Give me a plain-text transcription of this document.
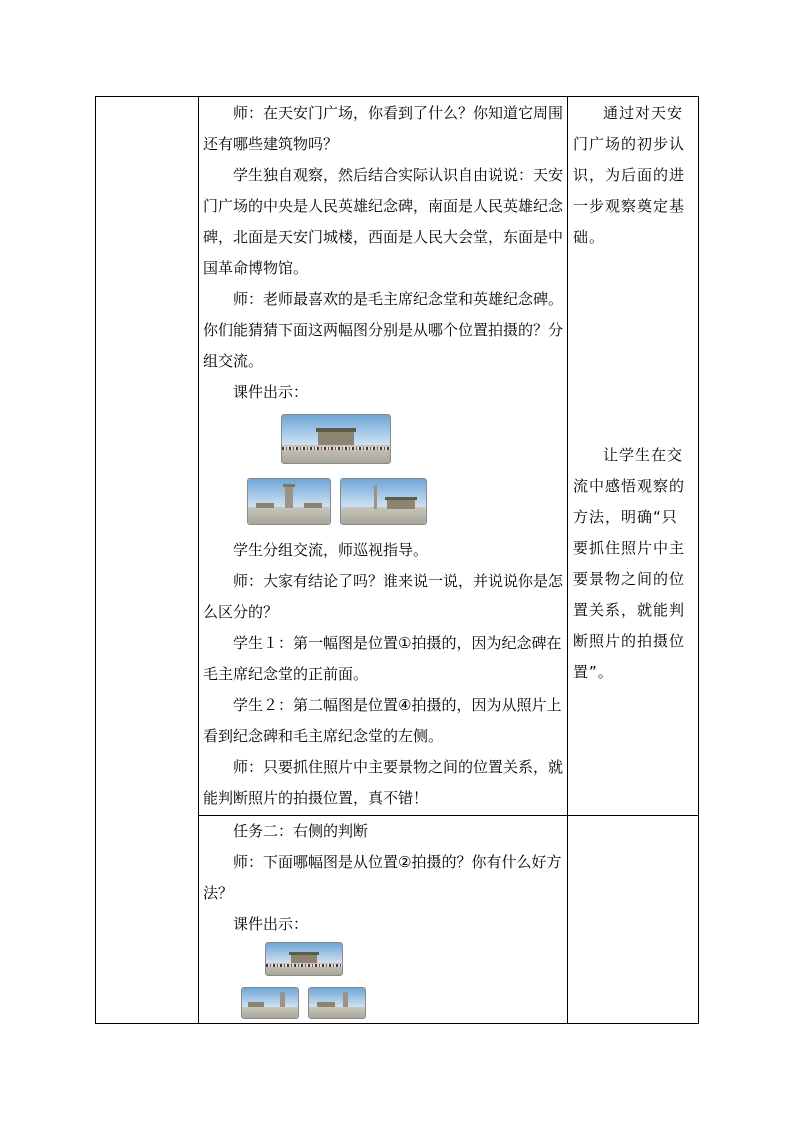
师：在天安门广场，你看到了什么？你知道它周围还有哪些建筑物吗？

学生独自观察，然后结合实际认识自由说说：天安门广场的中央是人民英雄纪念碑，南面是人民英雄纪念碑，北面是天安门城楼，西面是人民大会堂，东面是中国革命博物馆。

师：老师最喜欢的是毛主席纪念堂和英雄纪念碑。你们能猜猜下面这两幅图分别是从哪个位置拍摄的？分组交流。

课件出示：

学生分组交流，师巡视指导。

师：大家有结论了吗？谁来说一说，并说说你是怎么区分的？

学生１：第一幅图是位置①拍摄的，因为纪念碑在毛主席纪念堂的正前面。

学生２：第二幅图是位置④拍摄的，因为从照片上看到纪念碑和毛主席纪念堂的左侧。

师：只要抓住照片中主要景物之间的位置关系，就能判断照片的拍摄位置，真不错！

通过对天安门广场的初步认识，为后面的进一步观察奠定基础。

让学生在交流中感悟观察的方法，明确“只要抓住照片中主要景物之间的位置关系，就能判断照片的拍摄位置”。

任务二：右侧的判断

师：下面哪幅图是从位置②拍摄的？你有什么好方法？

课件出示：
